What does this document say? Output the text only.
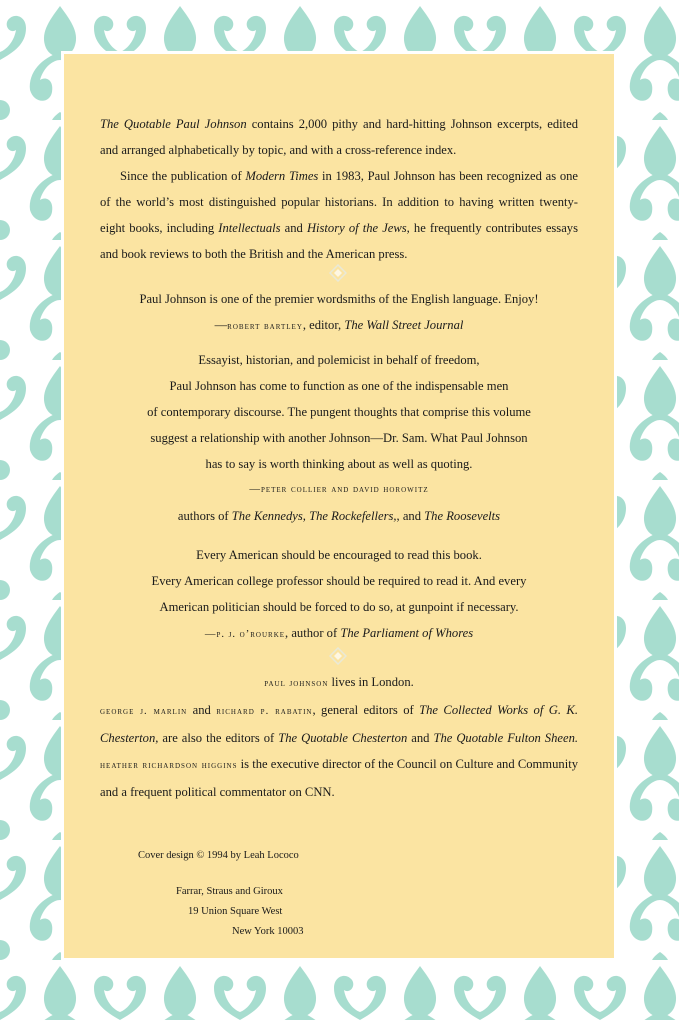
The Quotable Paul Johnson contains 2,000 pithy and hard-hitting Johnson excerpts, edited and arranged alphabetically by topic, and with a cross-reference index.

Since the publication of Modern Times in 1983, Paul Johnson has been recognized as one of the world’s most distinguished popular historians. In addition to having written twenty-eight books, including Intellectuals and History of the Jews, he frequently contributes essays and book reviews to both the British and the American press.

Paul Johnson is one of the premier wordsmiths of the English language. Enjoy!

—robert bartley, editor, The Wall Street Journal

Essayist, historian, and polemicist in behalf of freedom,

Paul Johnson has come to function as one of the indispensable men

of contemporary discourse. The pungent thoughts that comprise this volume

suggest a relationship with another Johnson—Dr. Sam. What Paul Johnson

has to say is worth thinking about as well as quoting.

—peter collier and david horowitz

authors of The Kennedys, The Rockefellers,, and The Roosevelts

Every American should be encouraged to read this book.

Every American college professor should be required to read it. And every

American politician should be forced to do so, at gunpoint if necessary.

—p. j. o’rourke, author of The Parliament of Whores

paul johnson lives in London.

george j. marlin and richard p. rabatin, general editors of The Collected Works of G. K. Chesterton, are also the editors of The Quotable Chesterton and The Quotable Fulton Sheen. heather richardson higgins is the executive director of the Council on Culture and Community and a frequent political commentator on CNN.

Cover design © 1994 by Leah Lococo
Farrar, Straus and Giroux
19 Union Square West
New York 10003
